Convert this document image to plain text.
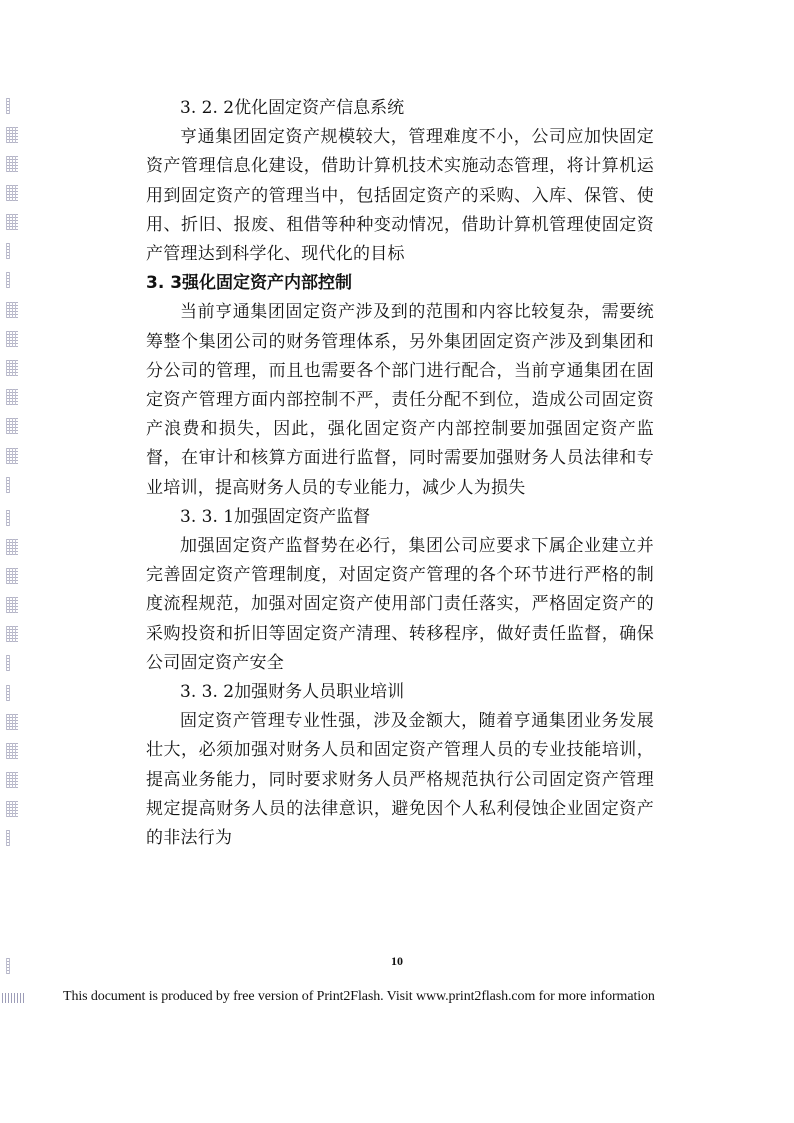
3. 2. 2优化固定资产信息系统

亨通集团固定资产规模较大，管理难度不小，公司应加快固定资产管理信息化建设，借助计算机技术实施动态管理，将计算机运用到固定资产的管理当中，包括固定资产的采购、入库、保管、使用、折旧、报废、租借等种种变动情况，借助计算机管理使固定资产管理达到科学化、现代化的目标

3. 3强化固定资产内部控制

当前亨通集团固定资产涉及到的范围和内容比较复杂，需要统筹整个集团公司的财务管理体系，另外集团固定资产涉及到集团和分公司的管理，而且也需要各个部门进行配合，当前亨通集团在固定资产管理方面内部控制不严，责任分配不到位，造成公司固定资产浪费和损失，因此，强化固定资产内部控制要加强固定资产监督，在审计和核算方面进行监督，同时需要加强财务人员法律和专业培训，提高财务人员的专业能力，减少人为损失

3. 3. 1加强固定资产监督

加强固定资产监督势在必行，集团公司应要求下属企业建立并完善固定资产管理制度，对固定资产管理的各个环节进行严格的制度流程规范，加强对固定资产使用部门责任落实，严格固定资产的采购投资和折旧等固定资产清理、转移程序，做好责任监督，确保公司固定资产安全

3. 3. 2加强财务人员职业培训

固定资产管理专业性强，涉及金额大，随着亨通集团业务发展壮大，必须加强对财务人员和固定资产管理人员的专业技能培训，提高业务能力，同时要求财务人员严格规范执行公司固定资产管理规定提高财务人员的法律意识，避免因个人私利侵蚀企业固定资产的非法行为

10
This document is produced by free version of Print2Flash. Visit www.print2flash.com for more information
